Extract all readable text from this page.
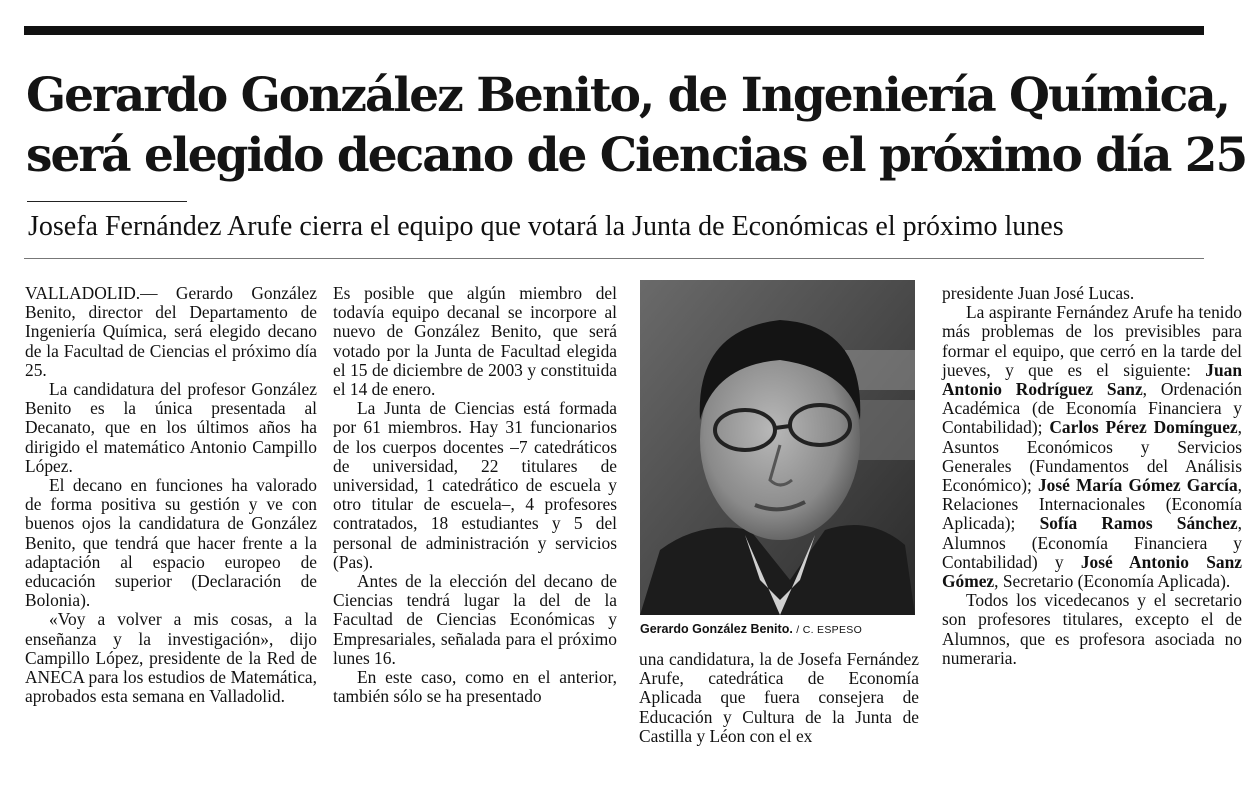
Gerardo González Benito, de Ingeniería Química,
será elegido decano de Ciencias el próximo día 25
Josefa Fernández Arufe cierra el equipo que votará la Junta de Económicas el próximo lunes

VALLADOLID.— Gerardo González Benito, director del Departamento de Ingeniería Química, será elegido decano de la Facultad de Ciencias el próximo día 25.

La candidatura del profesor González Benito es la única presentada al Decanato, que en los últimos años ha dirigido el matemático Antonio Campillo López.

El decano en funciones ha valorado de forma positiva su gestión y ve con buenos ojos la candidatura de González Benito, que tendrá que hacer frente a la adaptación al espacio europeo de educación superior (Declaración de Bolonia).

«Voy a volver a mis cosas, a la enseñanza y la investigación», dijo Campillo López, presidente de la Red de ANECA para los estudios de Matemática, aprobados esta semana en Valladolid.

Es posible que algún miembro del todavía equipo decanal se incorpore al nuevo de González Benito, que será votado por la Junta de Facultad elegida el 15 de diciembre de 2003 y constituida el 14 de enero.

La Junta de Ciencias está formada por 61 miembros. Hay 31 funcionarios de los cuerpos docentes –7 catedráticos de universidad, 22 titulares de universidad, 1 catedrático de escuela y otro titular de escuela–, 4 profesores contratados, 18 estudiantes y 5 del personal de administración y servicios (Pas).

Antes de la elección del decano de Ciencias tendrá lugar la del de la Facultad de Ciencias Económicas y Empresariales, señalada para el próximo lunes 16.

En este caso, como en el anterior, también sólo se ha presentado

Gerardo González Benito. / C. ESPESO

una candidatura, la de Josefa Fernández Arufe, catedrática de Economía Aplicada que fuera consejera de Educación y Cultura de la Junta de Castilla y Léon con el ex

presidente Juan José Lucas.

La aspirante Fernández Arufe ha tenido más problemas de los previsibles para formar el equipo, que cerró en la tarde del jueves, y que es el siguiente: Juan Antonio Rodríguez Sanz, Ordenación Académica (de Economía Financiera y Contabilidad); Carlos Pérez Domínguez, Asuntos Económicos y Servicios Generales (Fundamentos del Análisis Económico); José María Gómez García, Relaciones Internacionales (Economía Aplicada); Sofía Ramos Sánchez, Alumnos (Economía Financiera y Contabilidad) y José Antonio Sanz Gómez, Secretario (Economía Aplicada).

Todos los vicedecanos y el secretario son profesores titulares, excepto el de Alumnos, que es profesora asociada no numeraria.
